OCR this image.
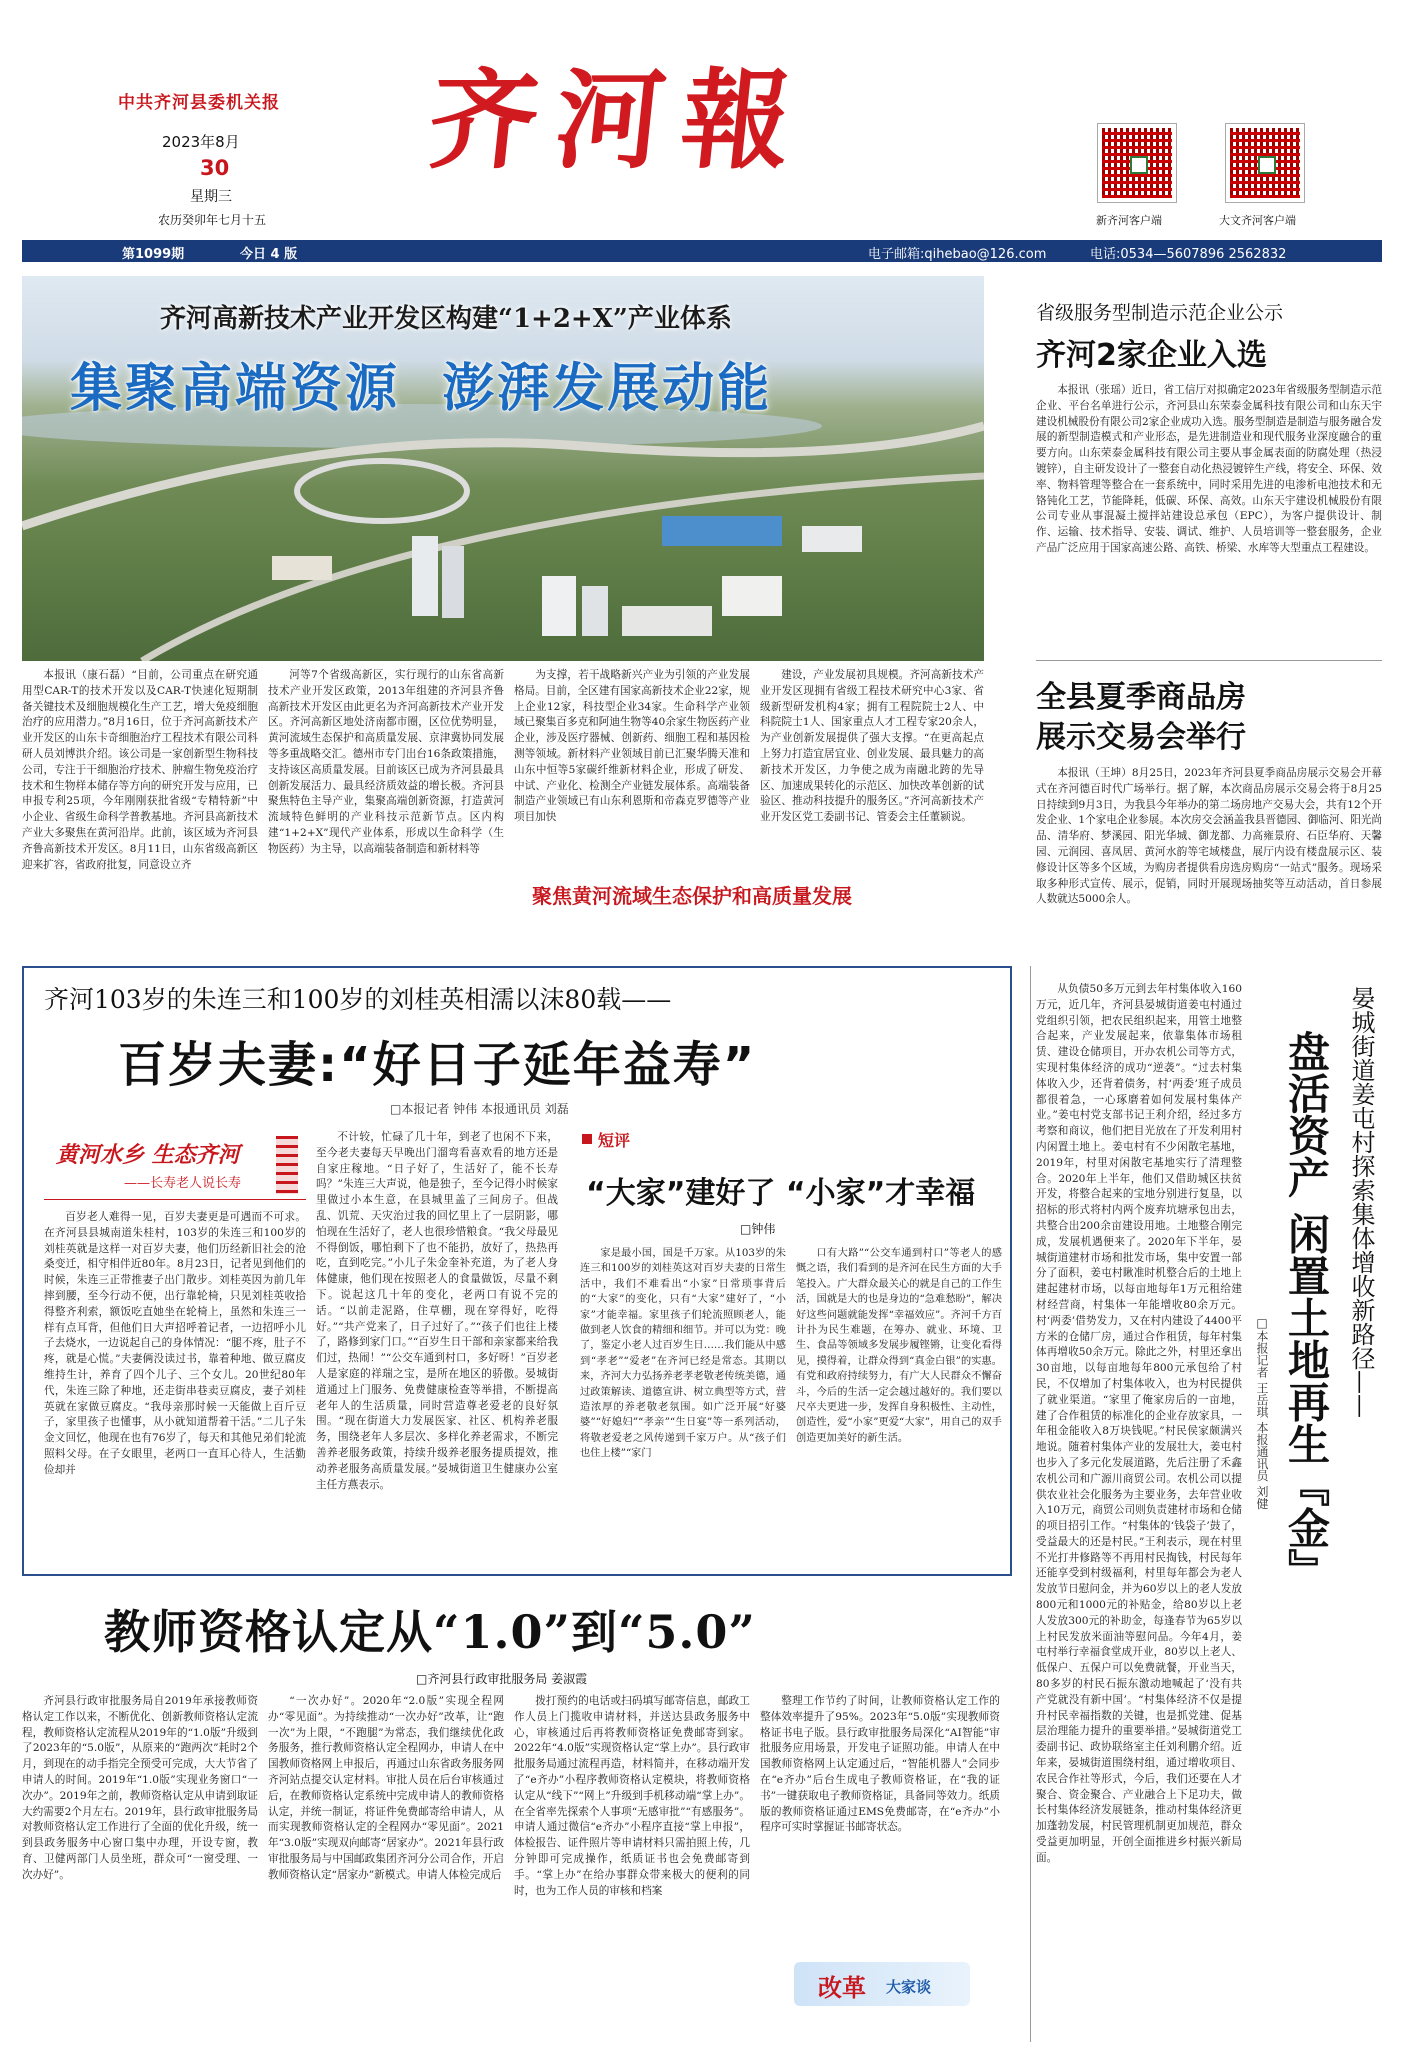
中共齐河县委机关报 齐河報
2023年8月
30
星期三
农历癸卯年七月十五	新齐河客户端	大文齐河客户端
第1099期	今日 4 版	电子邮箱:qihebao@126.com	电话:0534—5607896 2562832
齐河高新技术产业开发区构建“1+2+X”产业体系
集聚高端资源  澎湃发展动能

本报讯（康石磊）“目前，公司重点在研究通用型CAR-T的技术开发以及CAR-T快速化短期制备关键技术及细胞规模化生产工艺，增大免疫细胞治疗的应用潜力。”8月16日，位于齐河高新技术产业开发区的山东卡奇细胞治疗工程技术有限公司科研人员刘博洪介绍。该公司是一家创新型生物科技公司，专注于干细胞治疗技术、肿瘤生物免疫治疗技术和生物样本储存等方向的研究开发与应用，已申报专利25项，今年刚刚获批省级“专精特新”中小企业、省级生命科学普教基地。齐河县高新技术产业大多聚焦在黄河沿岸。此前，该区域为齐河县齐鲁高新技术开发区。8月11日，山东省级高新区迎来扩容，省政府批复，同意设立齐

河等7个省级高新区，实行现行的山东省高新技术产业开发区政策，2013年组建的齐河县齐鲁高新技术开发区由此更名为齐河高新技术产业开发区。齐河高新区地处济南都市圈，区位优势明显，黄河流域生态保护和高质量发展、京津冀协同发展等多重战略交汇。德州市专门出台16条政策措施，支持该区高质量发展。目前该区已成为齐河县最具创新发展活力、最具经济质效益的增长极。齐河县聚焦特色主导产业，集聚高端创新资源，打造黄河流域特色鲜明的产业科技示范新节点。区内构建“1+2+X”现代产业体系，形成以生命科学（生物医药）为主导，以高端装备制造和新材料等

为支撑，若干战略新兴产业为引领的产业发展格局。目前，全区建有国家高新技术企业22家，规上企业12家，科技型企业34家。生命科学产业领域已聚集百多克和阿迪生物等40余家生物医药产业企业，涉及医疗器械、创新药、细胞工程和基因检测等领域。新材料产业领域目前已汇聚华腾天准和山东中恒等5家碳纤维新材料企业，形成了研发、中试、产业化、检测全产业链发展体系。高端装备制造产业领域已有山东利恩斯和帝森克罗德等产业项目加快

建设，产业发展初具规模。齐河高新技术产业开发区现拥有省级工程技术研究中心3家、省级新型研发机构4家；拥有工程院院士2人、中科院院士1人、国家重点人才工程专家20余人，为产业创新发展提供了强大支撑。“在更高起点上努力打造宜居宜业、创业发展、最具魅力的高新技术开发区，力争使之成为南融北跨的先导区、加速成果转化的示范区、加快改革创新的试验区、推动科技提升的服务区。”齐河高新技术产业开发区党工委副书记、管委会主任董颍说。

聚焦黄河流域生态保护和高质量发展
省级服务型制造示范企业公示
齐河2家企业入选

本报讯（张瑶）近日，省工信厅对拟确定2023年省级服务型制造示范企业、平台名单进行公示，齐河县山东荣泰金属科技有限公司和山东天宇建设机械股份有限公司2家企业成功入选。服务型制造是制造与服务融合发展的新型制造模式和产业形态，是先进制造业和现代服务业深度融合的重要方向。山东荣泰金属科技有限公司主要从事金属表面的防腐处理（热浸镀锌），自主研发设计了一整套自动化热浸镀锌生产线，将安全、环保、效率、物料管理等整合在一套系统中，同时采用先进的电渗析电池技术和无铬钝化工艺，节能降耗，低碳、环保、高效。山东天宇建设机械股份有限公司专业从事混凝土搅拌站建设总承包（EPC），为客户提供设计、制作、运输、技术指导、安装、调试、维护、人员培训等一整套服务，企业产品广泛应用于国家高速公路、高铁、桥梁、水库等大型重点工程建设。

全县夏季商品房
展示交易会举行

本报讯（王坤）8月25日，2023年齐河县夏季商品房展示交易会开幕式在齐河德百时代广场举行。据了解，本次商品房展示交易会将于8月25日持续到9月3日，为我县今年举办的第二场房地产交易大会，共有12个开发企业、1个家电企业参展。本次房交会涵盖我县晋德园、御临河、阳光尚品、清华府、梦溪园、阳光华城、御龙都、力高雍景府、石臣华府、天馨园、元润园、喜凤居、黄河水韵等宅域楼盘，展厅内设有楼盘展示区、装修设计区等多个区域，为购房者提供看房选房购房“一站式”服务。现场采取多种形式宣传、展示，促销，同时开展现场抽奖等互动活动，首日参展人数就达5000余人。

齐河103岁的朱连三和100岁的刘桂英相濡以沫80载——
百岁夫妻:“好日子延年益寿”
□本报记者 钟伟 本报通讯员 刘磊
黄河水乡 生态齐河
——长寿老人说长寿

百岁老人难得一见，百岁夫妻更是可遇而不可求。在齐河县县城南道朱桂村，103岁的朱连三和100岁的刘桂英就是这样一对百岁夫妻，他们历经新旧社会的沧桑变迁，相守相伴近80年。8月23日，记者见到他们的时候，朱连三正带推妻子出门散步。刘桂英因为前几年摔到腰，至今行动不便，出行靠轮椅，只见刘桂英收拾得整齐利索，额饭吃直她坐在轮椅上，虽然和朱连三一样有点耳背，但他们日大声招呼着记者，一边招呼小儿子去烧水，一边说起自己的身体情况：“腿不疼，肚子不疼，就是心慌。”夫妻俩没读过书，靠着种地、做豆腐皮维持生计，养育了四个儿子、三个女儿。20世纪80年代，朱连三除了种地，还走街串巷卖豆腐皮，妻子刘桂英就在家做豆腐皮。“我母亲那时候一天能做上百斤豆子，家里孩子也懂事，从小就知道帮着干活。”二儿子朱金文回忆，他现在也有76岁了，每天和其他兄弟们轮流照料父母。在子女眼里，老两口一直耳心待人，生活勤俭却并

不计较，忙碌了几十年，到老了也闲不下来，至今老夫妻每天早晚出门溜弯看喜欢看的地方还是自家庄稼地。“日子好了，生活好了，能不长寿吗？”朱连三大声说，他是独子，至今记得小时候家里做过小本生意，在县城里盖了三间房子。但战乱、饥荒、天灾治过我的回忆里上了一层阴影，哪怕现在生活好了，老人也很珍惜粮食。“我父母最见不得倒饭，哪怕剩下了也不能扔，放好了，热热再吃，直到吃完。”小儿子朱金奎补充道，为了老人身体健康，他们现在按照老人的食量做饭，尽量不剩下。说起这几十年的变化，老两口有说不完的话。“以前走泥路，住草棚，现在穿得好，吃得好。”“共产党来了，日子过好了。”“孩子们也往上楼了，路修到家门口。”“百岁生日干部和亲家都来给我们过，热闹！”“公交车通到村口，多好呀！”百岁老人是家庭的祥瑞之宝，是所在地区的骄傲。晏城街道通过上门服务、免费健康检查等举措，不断提高老年人的生活质量，同时营造尊老爱老的良好氛围。“现在街道大力发展医家、社区、机构养老服务，围绕老年人多层次、多样化养老需求，不断完善养老服务政策，持续升级养老服务提质提效，推动养老服务高质量发展。”晏城街道卫生健康办公室主任方燕表示。

短评
“大家”建好了 “小家”才幸福
□钟伟

家是最小国，国是千万家。从103岁的朱连三和100岁的刘桂英这对百岁夫妻的日常生活中，我们不难看出“小家”日常琐事背后的“大家”的变化，只有“大家”建好了，“小家”才能幸福。家里孩子们轮流照顾老人，能做到老人饮食的精细和细节。并可以为党：晚了，鉴定小老人过百岁生日……我们能从中感到“孝老”“爱老”在齐河已经是常态。其期以来，齐河大力弘扬养老孝老敬老传统美德，通过政策解读、道德宣讲、树立典型等方式，营造浓厚的养老敬老氛围。如广泛开展“好婆婆”“好媳妇”“孝亲”“生日宴”等一系列活动，将敬老爱老之风传递到千家万户。从“孩子们也住上楼”“家门

口有大路”“公交车通到村口”等老人的感慨之语，我们看到的是齐河在民生方面的大手笔投入。广大群众最关心的就是自己的工作生活，国就是大的也是身边的“急难愁盼”，解决好这些问题就能发挥“幸福效应”。齐河千方百计扑为民生难题，在筹办、就业、环境、卫生、食品等领域多发展步履铿锵，让变化看得见，摸得着，让群众得到“真金白银”的实惠。有党和政府持续努力，有广大人民群众不懈奋斗，今后的生活一定会越过越好的。我们要以尺卒夫更进一步，发挥自身积极性、主动性，创造性，爱“小家”更爱“大家”，用自己的双手创造更加美好的新生活。

教师资格认定从“1.0”到“5.0”
□齐河县行政审批服务局 姜淑霞

齐河县行政审批服务局自2019年承接教师资格认定工作以来，不断优化、创新教师资格认定流程，教师资格认定流程从2019年的“1.0版”升级到了2023年的“5.0版”，从原来的“跑两次”耗时2个月，到现在的动手指完全预受可完成，大大节省了申请人的时间。2019年“1.0版”实现业务窗口“一次办”。2019年之前，教师资格认定从申请到取证大约需要2个月左右。2019年，县行政审批服务局对教师资格认定工作进行了全面的优化升级，统一到县政务服务中心窗口集中办理，开设专窗，教育、卫健两部门人员坐班，群众可“一窗受理、一次办好”。

“一次办好”。2020年“2.0版”实现全程网办“零见面”。为持续推动“一次办好”改革，让“跑一次”为上限，“不跑腿”为常态，我们继续优化政务服务，推行教师资格认定全程网办，申请人在中国教师资格网上申报后，再通过山东省政务服务网齐河站点提交认定材料。审批人员在后台审核通过后，在教师资格认定系统中完成申请人的教师资格认定，并统一制证，将证件免费邮寄给申请人，从而实现教师资格认定的全程网办“零见面”。2021年“3.0版”实现双向邮寄“居家办”。2021年县行政审批服务局与中国邮政集团齐河分公司合作，开启教师资格认定“居家办”新模式。申请人体检完成后

拨打预约的电话或扫码填写邮寄信息，邮政工作人员上门揽收申请材料，并送达县政务服务中心，审核通过后再将教师资格证免费邮寄到家。2022年“4.0版”实现资格认定“掌上办”。县行政审批服务局通过流程再造，材料简并，在移动端开发了“e齐办”小程序教师资格认定模块，将教师资格认定从“线下”“网上”升级到手机移动端“掌上办”。在全省率先探索个人事项“无感审批”“有感服务”。申请人通过微信“e齐办”小程序直接“掌上申报”，体检报告、证件照片等申请材料只需拍照上传，几分钟即可完成操作，纸质证书也会免费邮寄到手。“掌上办”在给办事群众带来极大的便利的同时，也为工作人员的审核和档案

整理工作节约了时间，让教师资格认定工作的整体效率提升了95%。2023年“5.0版”实现教师资格证书电子版。县行政审批服务局深化“AI智能”审批服务应用场景，开发电子证照功能。申请人在中国教师资格网上认定通过后，“智能机器人”会同步在“e齐办”后台生成电子教师资格证，在“我的证书”一键获取电子教师资格证，具备同等效力。纸质版的教师资格证通过EMS免费邮寄，在“e齐办”小程序可实时掌握证书邮寄状态。

改革 大家谈

从负债50多万元到去年村集体收入160万元，近几年，齐河县晏城街道姜屯村通过党组织引领，把农民组织起来，用管土地整合起来，产业发展起来，依靠集体市场租赁、建设仓储项目，开办农机公司等方式，实现村集体经济的成功“逆袭”。“过去村集体收入少，还背着债务，村‘两委’班子成员都很着急，一心琢磨着如何发展村集体产业。”姜屯村党支部书记王利介绍，经过多方考察和商议，他们把目光放在了开发利用村内闲置土地上。姜屯村有不少闲散宅基地，2019年，村里对闲散宅基地实行了清理整合。2020年上半年，他们又借助城区扶贫开发，将整合起来的宝地分别进行复垦，以招标的形式将村内两个废弃坑塘承包出去，共整合出200余亩建设用地。土地整合刚完成，发展机遇便来了。2020年下半年，晏城街道建材市场和批发市场，集中安置一部分了面积，姜屯村瞅准时机整合后的土地上建起建材市场，以每亩地每年1万元租给建材经营商，村集体一年能增收80余万元。村‘两委’借势发力，又在村内建设了4400平方米的仓储厂房，通过合作租赁，每年村集体再增收50余万元。除此之外，村里还拿出30亩地，以每亩地每年800元承包给了村民，不仅增加了村集体收入，也为村民提供了就业渠道。“家里了俺家房后的一亩地，建了合作租赁的标准化的企业存放家具，一年租金能收入8万块钱呢。”村民侯家颇满兴地说。随着村集体产业的发展壮大，姜屯村也步入了多元化发展道路，先后注册了禾鑫农机公司和广源川商贸公司。农机公司以提供农业社会化服务为主要业务，去年营业收入10万元，商贸公司则负责建材市场和仓储的项目招引工作。“村集体的‘钱袋子’鼓了，受益最大的还是村民。”王利表示，现在村里不光打井修路等不再用村民掏钱，村民每年还能享受到村级福利，村里每年都会为老人发放节日慰问金，并为60岁以上的老人发放800元和1000元的补贴金，给80岁以上老人发放300元的补助金，每逢春节为65岁以上村民发放米面油等慰问品。今年4月，姜屯村举行幸福食堂成开业，80岁以上老人、低保户、五保户可以免费就餐，开业当天，80多岁的村民石振东激动地喊起了‘没有共产党就没有新中国’。“村集体经济不仅是提升村民幸福指数的关键，也是抓党建、促基层治理能力提升的重要举措。”晏城街道党工委副书记、政协联络室主任刘利鹏介绍。近年来，晏城街道围绕村组，通过增收项目、农民合作社等形式，今后，我们还要在人才聚合、资金聚合、产业融合上下足功夫，做长村集体经济发展链条，推动村集体经济更加蓬勃发展，村民管理机制更加规范，群众受益更加明显，开创全面推进乡村振兴新局面。

晏城街道姜屯村探索集体增收新路径——
盘活资产 闲置土地再生『金』
□本报记者 王岳琪 本报通讯员 刘健
